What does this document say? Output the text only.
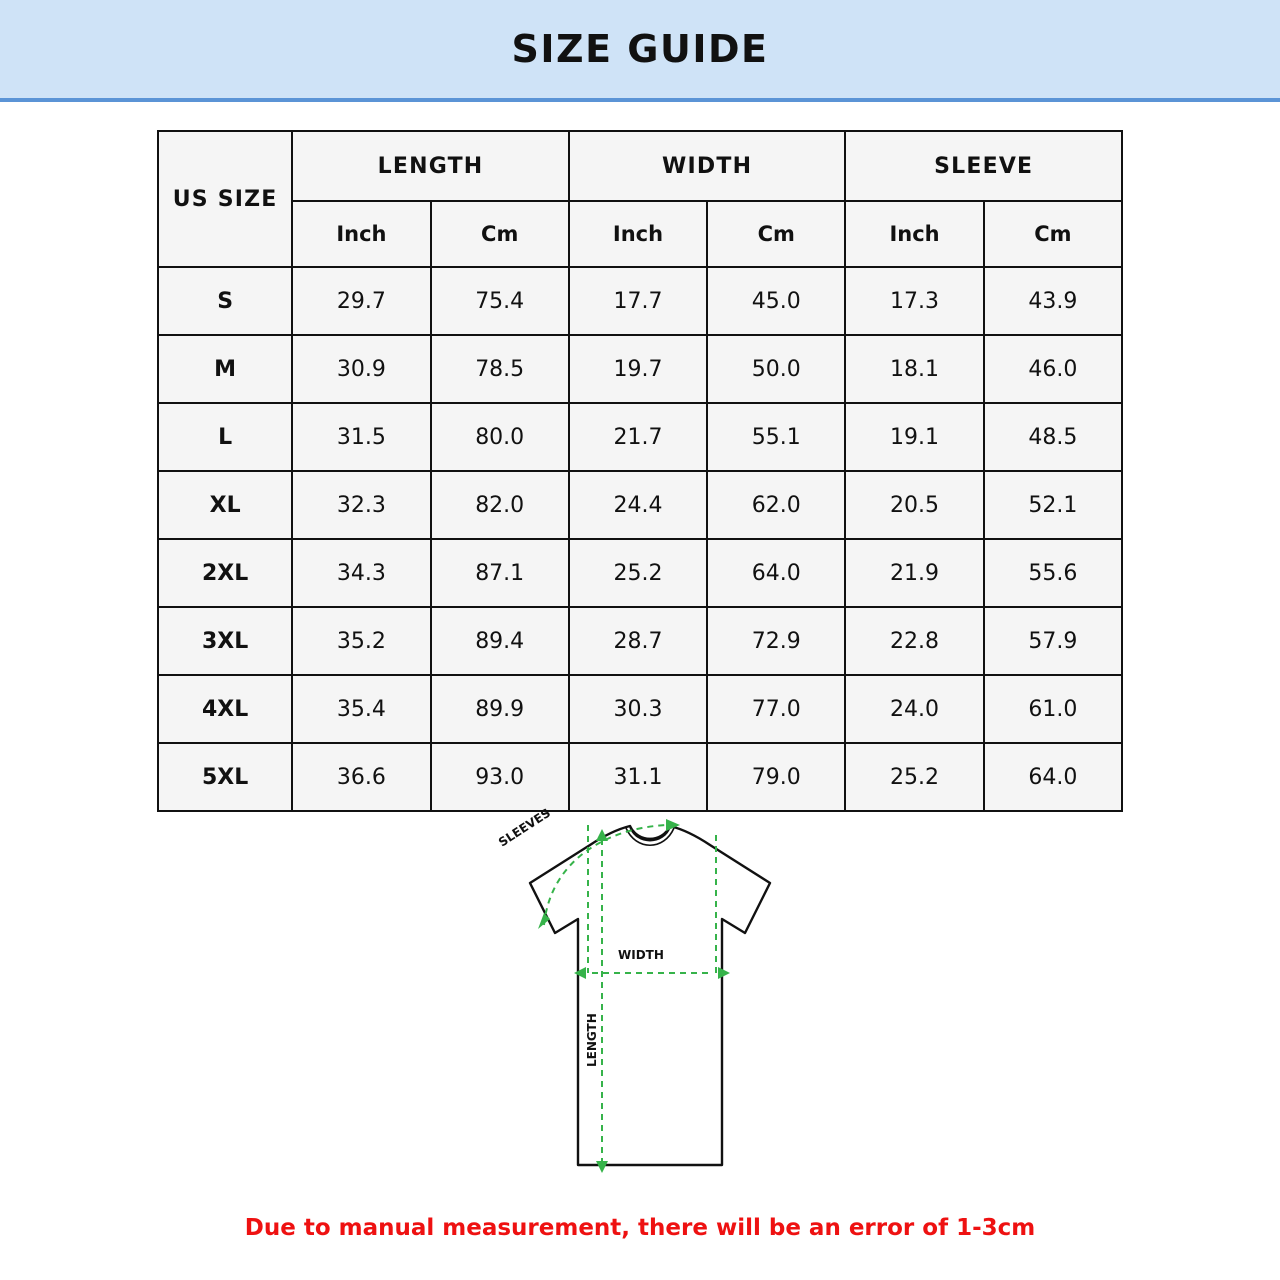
SIZE GUIDE
US SIZE	LENGTH		WIDTH		SLEEVE	
	Inch	Cm	Inch	Cm	Inch	Cm
S	29.7	75.4	17.7	45.0	17.3	43.9
M	30.9	78.5	19.7	50.0	18.1	46.0
L	31.5	80.0	21.7	55.1	19.1	48.5
XL	32.3	82.0	24.4	62.0	20.5	52.1
2XL	34.3	87.1	25.2	64.0	21.9	55.6
3XL	35.2	89.4	28.7	72.9	22.8	57.9
4XL	35.4	89.9	30.3	77.0	24.0	61.0
5XL	36.6	93.0	31.1	79.0	25.2	64.0
SLEEVES
WIDTH
LENGTH
Due to manual measurement, there will be an error of 1-3cm
